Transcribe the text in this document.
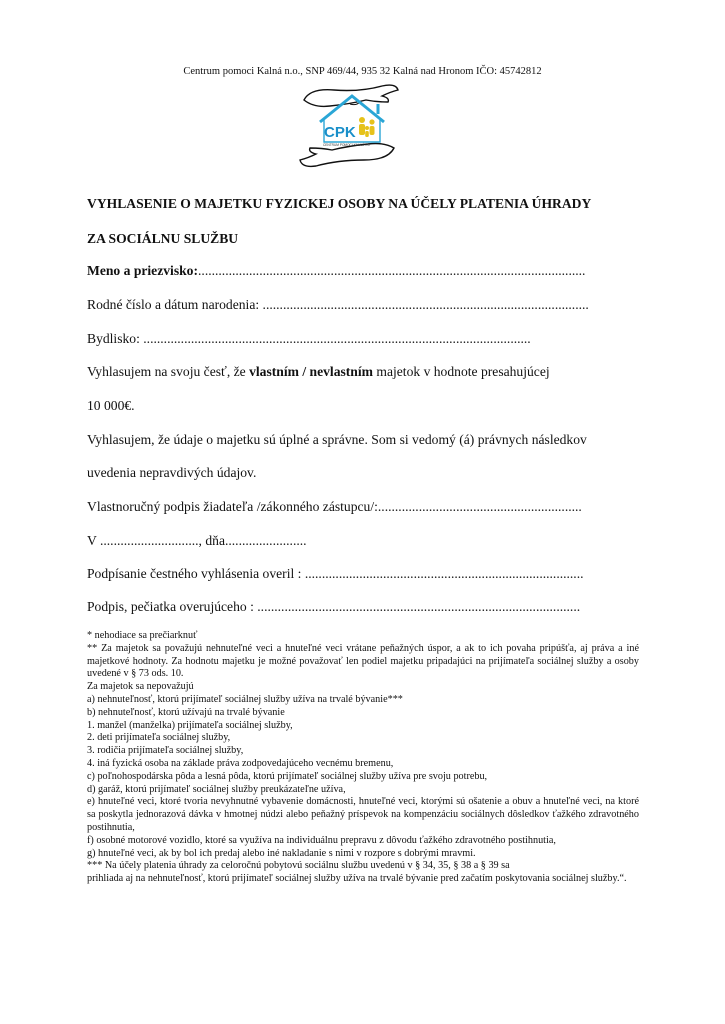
Centrum pomoci Kalná n.o., SNP 469/44, 935 32 Kalná nad Hronom IČO: 45742812
CPK
CENTRUM POMOCI KALNÁ n.o.
VYHLASENIE O MAJETKU FYZICKEJ OSOBY NA ÚČELY PLATENIA ÚHRADY
ZA SOCIÁLNU SLUŽBU
Meno a priezvisko:..................................................................................................................
Rodné číslo a dátum narodenia: ................................................................................................
Bydlisko: ..................................................................................................................
Vyhlasujem na svoju česť, že vlastním / nevlastním majetok v hodnote presahujúcej
10 000€.
Vyhlasujem, že údaje o majetku sú úplné a správne. Som si vedomý (á) právnych následkov
uvedenia nepravdivých údajov.
Vlastnoručný podpis žiadateľa /zákonného zástupcu/:............................................................
V ............................., dňa........................
Podpísanie čestného vyhlásenia overil : ..................................................................................
Podpis, pečiatka overujúceho : ...............................................................................................
* nehodiace sa prečiarknuť
** Za majetok sa považujú nehnuteľné veci a hnuteľné veci vrátane peňažných úspor, a ak to ich povaha pripúšťa, aj práva a iné majetkové hodnoty. Za hodnotu majetku je možné považovať len podiel majetku pripadajúci na prijímateľa sociálnej služby a osoby uvedené v § 73 ods. 10.
Za majetok sa nepovažujú
a) nehnuteľnosť, ktorú prijímateľ sociálnej služby užíva na trvalé bývanie***
b) nehnuteľnosť, ktorú užívajú na trvalé bývanie
1. manžel (manželka) prijímateľa sociálnej služby,
2. deti prijímateľa sociálnej služby,
3. rodičia prijímateľa sociálnej služby,
4. iná fyzická osoba na základe práva zodpovedajúceho vecnému bremenu,
c) poľnohospodárska pôda a lesná pôda, ktorú prijímateľ sociálnej služby užíva pre svoju potrebu,
d) garáž, ktorú prijímateľ sociálnej služby preukázateľne užíva,
e) hnuteľné veci, ktoré tvoria nevyhnutné vybavenie domácnosti, hnuteľné veci, ktorými sú ošatenie a obuv a hnuteľné veci, na ktoré sa poskytla jednorazová dávka v hmotnej núdzi alebo peňažný príspevok na kompenzáciu sociálnych dôsledkov ťažkého zdravotného postihnutia,
f) osobné motorové vozidlo, ktoré sa využíva na individuálnu prepravu z dôvodu ťažkého zdravotného postihnutia,
g) hnuteľné veci, ak by bol ich predaj alebo iné nakladanie s nimi v rozpore s dobrými mravmi.
*** Na účely platenia úhrady za celoročnú pobytovú sociálnu službu uvedenú v § 34, 35, § 38 a § 39 sa
prihliada aj na nehnuteľnosť, ktorú prijímateľ sociálnej služby užíva na trvalé bývanie pred začatím poskytovania sociálnej služby.“.
